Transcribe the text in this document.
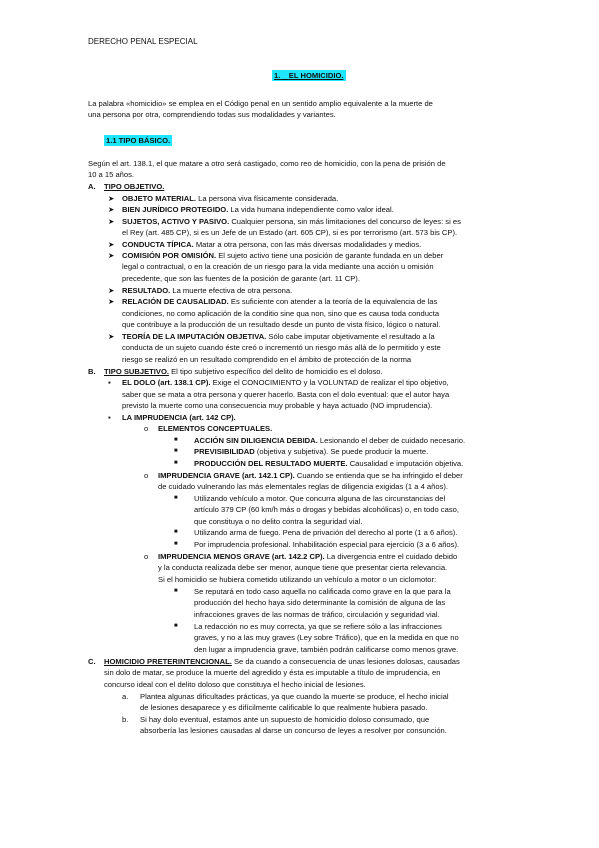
DERECHO PENAL ESPECIAL
1. EL HOMICIDIO.
La palabra «homicidio» se emplea en el Código penal en un sentido amplio equivalente a la muerte de
una persona por otra, comprendiendo todas sus modalidades y variantes.
1.1 TIPO BÁSICO.
Según el art. 138.1, el que matare a otro será castigado, como reo de homicidio, con la pena de prisión de
10 a 15 años.
A. TIPO OBJETIVO.
➤ OBJETO MATERIAL. La persona viva físicamente considerada.
➤ BIEN JURÍDICO PROTEGIDO. La vida humana independiente como valor ideal.
➤ SUJETOS, ACTIVO Y PASIVO. Cualquier persona, sin más limitaciones del concurso de leyes: si es
el Rey (art. 485 CP), si es un Jefe de un Estado (art. 605 CP), si es por terrorismo (art. 573 bis CP).
➤ CONDUCTA TÍPICA. Matar a otra persona, con las más diversas modalidades y medios.
➤ COMISIÓN POR OMISIÓN. El sujeto activo tiene una posición de garante fundada en un deber
legal o contractual, o en la creación de un riesgo para la vida mediante una acción u omisión
precedente, que son las fuentes de la posición de garante (art. 11 CP).
➤ RESULTADO. La muerte efectiva de otra persona.
➤ RELACIÓN DE CAUSALIDAD. Es suficiente con atender a la teoría de la equivalencia de las
condiciones, no como aplicación de la conditio sine qua non, sino que es causa toda conducta
que contribuye a la producción de un resultado desde un punto de vista físico, lógico o natural.
➤ TEORÍA DE LA IMPUTACIÓN OBJETIVA. Sólo cabe imputar objetivamente el resultado a la
conducta de un sujeto cuando éste creó o incrementó un riesgo más allá de lo permitido y este
riesgo se realizó en un resultado comprendido en el ámbito de protección de la norma
B. TIPO SUBJETIVO. El tipo subjetivo específico del delito de homicidio es el doloso.
▪ EL DOLO (art. 138.1 CP). Exige el CONOCIMIENTO y la VOLUNTAD de realizar el tipo objetivo,
saber que se mata a otra persona y querer hacerlo. Basta con el dolo eventual: que el autor haya
previsto la muerte como una consecuencia muy probable y haya actuado (NO imprudencia).
▪ LA IMPRUDENCIA (art. 142 CP).
o ELEMENTOS CONCEPTUALES.
■ ACCIÓN SIN DILIGENCIA DEBIDA. Lesionando el deber de cuidado necesario.
■ PREVISIBILIDAD (objetiva y subjetiva). Se puede producir la muerte.
■ PRODUCCIÓN DEL RESULTADO MUERTE. Causalidad e imputación objetiva.
o IMPRUDENCIA GRAVE (art. 142.1 CP). Cuando se entienda que se ha infringido el deber
de cuidado vulnerando las más elementales reglas de diligencia exigidas (1 a 4 años).
■ Utilizando vehículo a motor. Que concurra alguna de las circunstancias del
artículo 379 CP (60 km/h más o drogas y bebidas alcohólicas) o, en todo caso,
que constituya o no delito contra la seguridad vial.
■ Utilizando arma de fuego. Pena de privación del derecho al porte (1 a 6 años).
■ Por imprudencia profesional. Inhabilitación especial para ejercicio (3 a 6 años).
o IMPRUDENCIA MENOS GRAVE (art. 142.2 CP). La divergencia entre el cuidado debido
y la conducta realizada debe ser menor, aunque tiene que presentar cierta relevancia.
Si el homicidio se hubiera cometido utilizando un vehículo a motor o un ciclomotor:
■ Se reputará en todo caso aquella no calificada como grave en la que para la
producción del hecho haya sido determinante la comisión de alguna de las
infracciones graves de las normas de tráfico, circulación y seguridad vial.
■ La redacción no es muy correcta, ya que se refiere sólo a las infracciones
graves, y no a las muy graves (Ley sobre Tráfico), que en la medida en que no
den lugar a imprudencia grave, también podrán calificarse como menos grave.
C. HOMICIDIO PRETERINTENCIONAL. Se da cuando a consecuencia de unas lesiones dolosas, causadas
sin dolo de matar, se produce la muerte del agredido y ésta es imputable a título de imprudencia, en
concurso ideal con el delito doloso que constituya el hecho inicial de lesiones.
a. Plantea algunas dificultades prácticas, ya que cuando la muerte se produce, el hecho inicial
de lesiones desaparece y es difícilmente calificable lo que realmente hubiera pasado.
b. Si hay dolo eventual, estamos ante un supuesto de homicidio doloso consumado, que
absorbería las lesiones causadas al darse un concurso de leyes a resolver por consunción.
